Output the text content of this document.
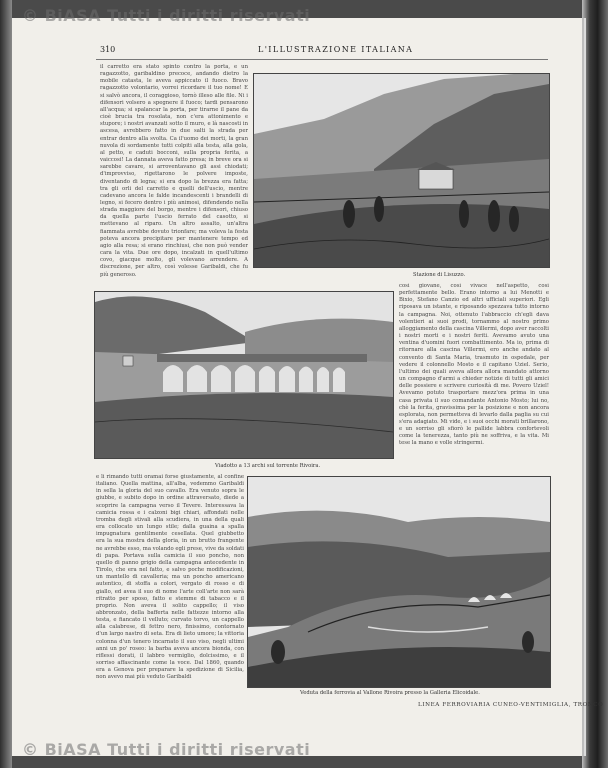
© BiASA Tutti i diritti riservati
© BiASA Tutti i diritti riservati
310	L'ILLUSTRAZIONE ITALIANA

il carretto era stato spinto contro la porta, e un ragazzotto, garibaldino precoce, andando dietro la mobile catasta, le aveva appiccato il fuoco. Bravo ragazzotto volontario, vorrei ricordare il tuo nome! E si salvò ancora, il coraggioso, tornò illeso alle file. Ni i difensori volsero a spegnere il fuoco; tardi pensarono all'acqua; si spalancar la porta, per tirarne il pane da cioè brucia tra rosolata, non c'era attonimento e stupore; i nostri avanzati sotto il muro, e là nascosti in ascesa, avrebbero fatto in due salti la strada per entrar dentro alla svolta. Ca il'uomo dei morti, la gran nuvola di sordamente tutti colpiti alla testa, alla gola, al petto, e caduti bocconi, sulla propria ferita, a vaiccosi! La dannata aveva fatto presa; in breve ora si sarebbe cavare, si arroventavano gli assi chiodati; d'improvviso, rigettarono le polvere imposte, diventando di legna; si era dopo la brezza era fatta; tra gli orli del carretto e quelli dell'uscio, mentre cadevano ancora le falde incandescenti i brandelli di legno, si fecero dentro i più animosi, difendendo nella strada maggiore del borgo, mentre i difensori, chiuso da quella parte l'uscio ferrato del casotto, si mettevano al riparo. Un altro assalto, un'altra fiammata avrebbe dovuto trionfare; ma voleva la festa poteva ancora precipitare per mantenere tempo ed agio alla resa; si erano rinchiusi, che non può vender cara la vita. Due ore dopo, incalzati in quell'ultimo covo, giacque molto, gli volevano arrendere. A discrezione, per altro, così volesse Garibaldi, che fu più generoso.	Stazione di Lisuzzo.
Viadotto a 13 archi sul torrente Rivoira.

così giovane, così vivace nell'aspetto, così perfettamente bello. Erano intorno a lui Menotti e Bixio, Stefano Canzio ed altri ufficiali superiori. Egli riposava un istante, e riposando spezzava tutto intorno la campagna. Noi, ottenuto l'abbraccio ch'egli dava volentieri ai suoi prodi, tornammo al nostro primo alloggiamento della cascina Villermi, dopo aver raccolti i nostri morti e i nostri feriti. Avevamo avuto una ventina d'uomini fuori combattimento. Ma io, prima di ritornare alla cascina Villermi, ero anche andato al convento di Santa Maria, trasmuto in ospedale, per vedere il colonnello Mosto e il capitano Uziel. Serio, l'ultimo dei quali aveva allora allora mandato attorno un compagno d'armi a chieder notizie di tutti gli amici delle possiere e scrivere curiosità di me. Povero Uziel! Avevamo potuto trasportare mezz'ora prima in una casa privata il suo comandante Antonio Mosto; lui no, chè la ferita, gravissima per la posizione e non ancora esplorata, non permetteva di levarlo dalla paglia su cui s'era adagiato. Mi vide, e i suoi occhi morati brillarono, e un sorriso gli sfiorò le pallide labbra confortevoli come la tenerezza, tanto più ne soffriva, e la vita. Mi tese la mano e volle stringermi.

e li rimando tutti oramai forse giustamente, al confine italiano. Quella mattina, all'alba, vedemmo Garibaldi in sella la gloria del suo cavallo. Era venuto sopra le giubbe, e subito dopo in ordine attraversato, diede a scoprire la campagna verso il Tevere. Interessava la camicia rossa e i calzoni bigi chiari, affondati nelle tromba degli stivali alla scudiera, in una della quali era collocato un lungo stile; dalla guaina a spalla impugnatura gentilmente cesellata. Quel giubbetto era la sua mostra della gloria, in un brutto frangente ne avrebbe esso, ma volando egli prese, vive da soldati di papa. Portava sulla camicia il suo poncho, non quello di panno grigio della campagna antecedente in Tirolo, che era nel fatto, e salvo poche modificazioni, un mantello di cavalleria; ma un poncho americano autentico, di stoffa a colori, vergato di rosso e di giallo, ed avea il suo di nome l'arte coll'arte non sarà ritratto per sposo, fatto e stemme di tabacco e il proprio. Non aveva il solito cappello; il viso abbronzato, della bafferta nelle fattezze intorno alla testa, e fiancato il velluto; curvato torvo, un cappello alla calabrese, di fettro nero, finissimo, contornato d'un largo nastro di seta. Era di lieto umore; la vittoria colonna d'un tenero incarnato il suo viso, negli ultimi anni un po' roseo: la barba aveva ancora bionda, con riflessi dorati, il labbro vermiglio, dolcissimo, e il sorriso affascinante come la voce. Dal 1860, quando era a Genova per preparare la spedizione di Sicilia, non avevo mai più veduto Garibaldi

Veduta della ferrovia al Vallone Rivoira presso la Galleria Elicoidale.
LINEA FERROVIARIA CUNEO-VENTIMIGLIA, TRONCO
